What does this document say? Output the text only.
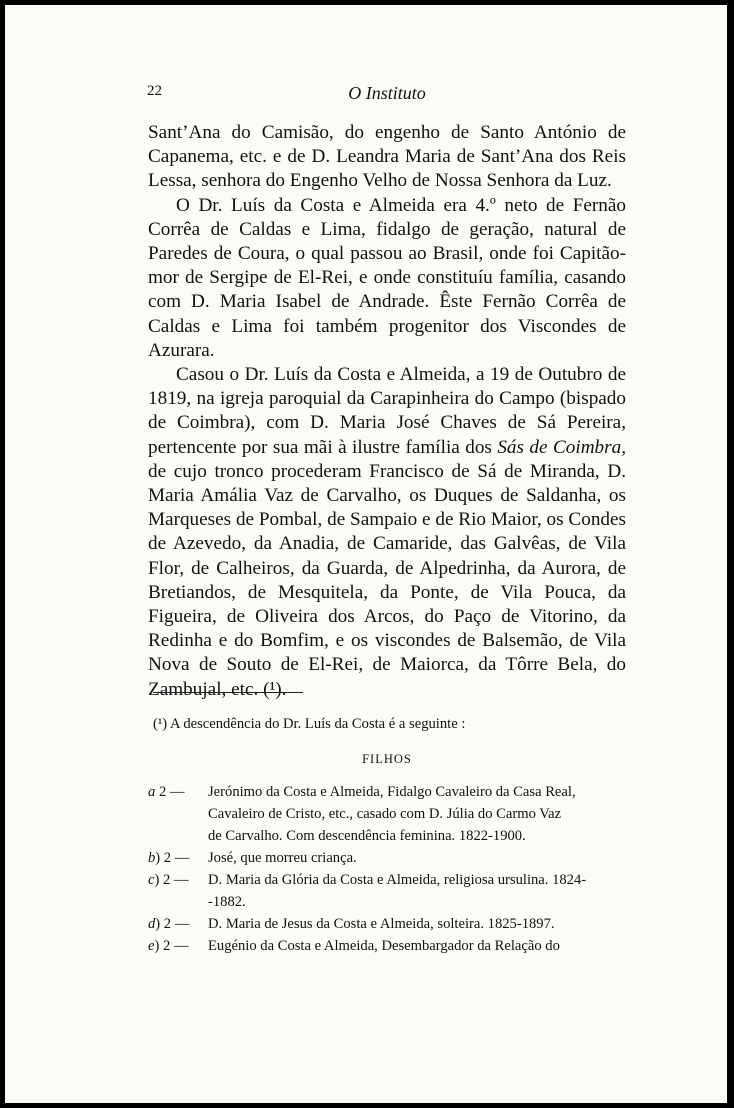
22	O Instituto

Sant’Ana do Camisão, do engenho de Santo António de Capanema, etc. e de D. Leandra Maria de Sant’Ana dos Reis Lessa, senhora do Engenho Velho de Nossa Senhora da Luz.

O Dr. Luís da Costa e Almeida era 4.º neto de Fernão Corrêa de Caldas e Lima, fidalgo de geração, natural de Paredes de Coura, o qual passou ao Brasil, onde foi Capitão-mor de Sergipe de El-Rei, e onde constituíu família, casando com D. Maria Isabel de Andrade. Êste Fernão Corrêa de Caldas e Lima foi também progenitor dos Viscondes de Azurara.

Casou o Dr. Luís da Costa e Almeida, a 19 de Outubro de 1819, na igreja paroquial da Carapinheira do Campo (bispado de Coimbra), com D. Maria José Chaves de Sá Pereira, pertencente por sua mãi à ilustre família dos Sás de Coimbra, de cujo tronco procederam Francisco de Sá de Miranda, D. Maria Amália Vaz de Carvalho, os Duques de Saldanha, os Marqueses de Pombal, de Sampaio e de Rio Maior, os Condes de Azevedo, da Anadia, de Camaride, das Galvêas, de Vila Flor, de Calheiros, da Guarda, de Alpedrinha, da Aurora, de Bretiandos, de Mesquitela, da Ponte, de Vila Pouca, da Figueira, de Oliveira dos Arcos, do Paço de Vitorino, da Redinha e do Bomfim, e os viscondes de Balsemão, de Vila Nova de Souto de El-Rei, de Maiorca, da Tôrre Bela, do Zambujal, etc. (¹).

(¹) A descendência do Dr. Luís da Costa é a seguinte :

FILHOS

a 2 — Jerónimo da Costa e Almeida, Fidalgo Cavaleiro da Casa Real,
Cavaleiro de Cristo, etc., casado com D. Júlia do Carmo Vaz
de Carvalho. Com descendência feminina. 1822-1900.

b) 2 — José, que morreu criança.

c) 2 — D. Maria da Glória da Costa e Almeida, religiosa ursulina. 1824-
-1882.

d) 2 — D. Maria de Jesus da Costa e Almeida, solteira. 1825-1897.

e) 2 — Eugénio da Costa e Almeida, Desembargador da Relação do
